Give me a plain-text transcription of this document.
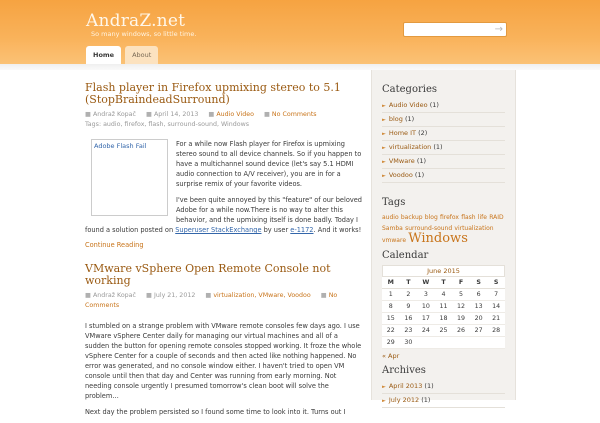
AndraZ.net
So many windows, so little time.	→
Home	About
Flash player in Firefox upmixing stereo to 5.1 (StopBraindeadSurround)
■ Andraž Kopač ■ April 14, 2013 ■ Audio Video ■ No Comments
Tags: audio, firefox, flash, surround-sound, Windows
Adobe Flash Fail	For a while now Flash player for Firefox is upmixing stereo sound to all device channels. So if you happen to have a multichannel sound device (let's say 5.1 HDMI audio connection to A/V receiver), you are in for a surprise remix of your favorite videos.

I've been quite annoyed by this "feature" of our beloved Adobe for a while now.There is no way to alter this behavior, and the upmixing itself is done badly. Today I found a solution posted on Superuser StackExchange by user e-1172. And it works!

Continue Reading
VMware vSphere Open Remote Console not working
■ Andraž Kopač ■ July 21, 2012 ■ virtualization, VMware, Voodoo ■ No Comments

I stumbled on a strange problem with VMware remote consoles few days ago. I use VMware vSphere Center daily for managing our virtual machines and all of a sudden the button for opening remote consoles stopped working. It froze the whole vSphere Center for a couple of seconds and then acted like nothing happened. No error was generated, and no console window either. I haven't tried to open VM console until then that day and Center was running from early morning. Not needing console urgently I presumed tomorrow's clean boot will solve the problem…

Next day the problem persisted so I found some time to look into it. Turns out I

Categories
► Audio Video (1)
► blog (1)
► Home IT (2)
► virtualization (1)
► VMware (1)
► Voodoo (1)
Tags
audio backup blog firefox flash life RAID Samba surround-sound virtualization vmware Windows
Calendar
June 2015
M	T	W	T	F	S	S
1	2	3	4	5	6	7
8	9	10	11	12	13	14
15	16	17	18	19	20	21
22	23	24	25	26	27	28
29	30					
« Apr
Archives
► April 2013 (1)
► July 2012 (1)
